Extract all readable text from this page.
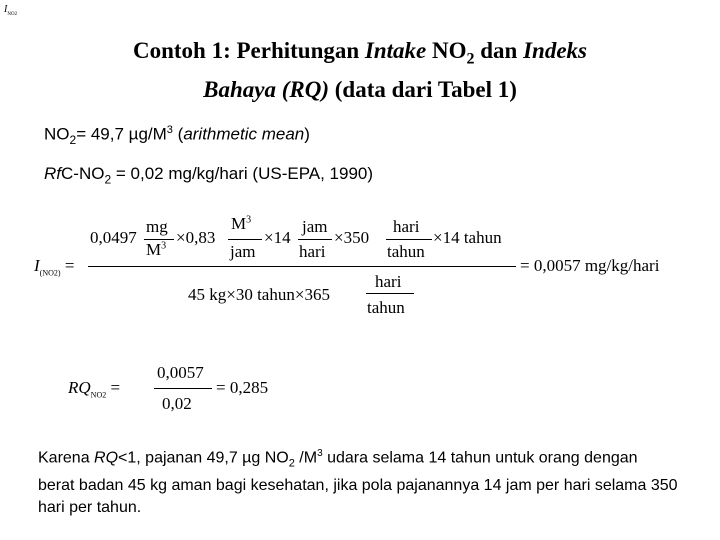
$I_{NO2}$
Contoh 1: Perhitungan Intake $NO_2$ dan Indeks
Bahaya (RQ) (data dari Tabel 1)
$NO_2= 49,7$ $\mu g/M^3$ (arithmetic mean)
RfC-$NO_2 = 0,02$ mg/kg/hari (US-EPA, 1990)
$I_{(NO2)}$ =
0,0497
mg
$M^3 \times 0,83$
$M^3$
jam
×14
jam
hari
×350
hari
tahun
×14 tahun
45 kg×30 tahun×365
hari
tahun
= 0,0057 mg/kg/hari
$RQ_{NO2}$ =
0,0057
0,02
= 0,285
Karena RQ<1, pajanan 49,7 µg $NO_2$ $/M^3$ udara selama 14 tahun untuk orang dengan berat badan 45 kg aman bagi kesehatan, jika pola pajanannya 14 jam per hari selama 350 hari per tahun.
